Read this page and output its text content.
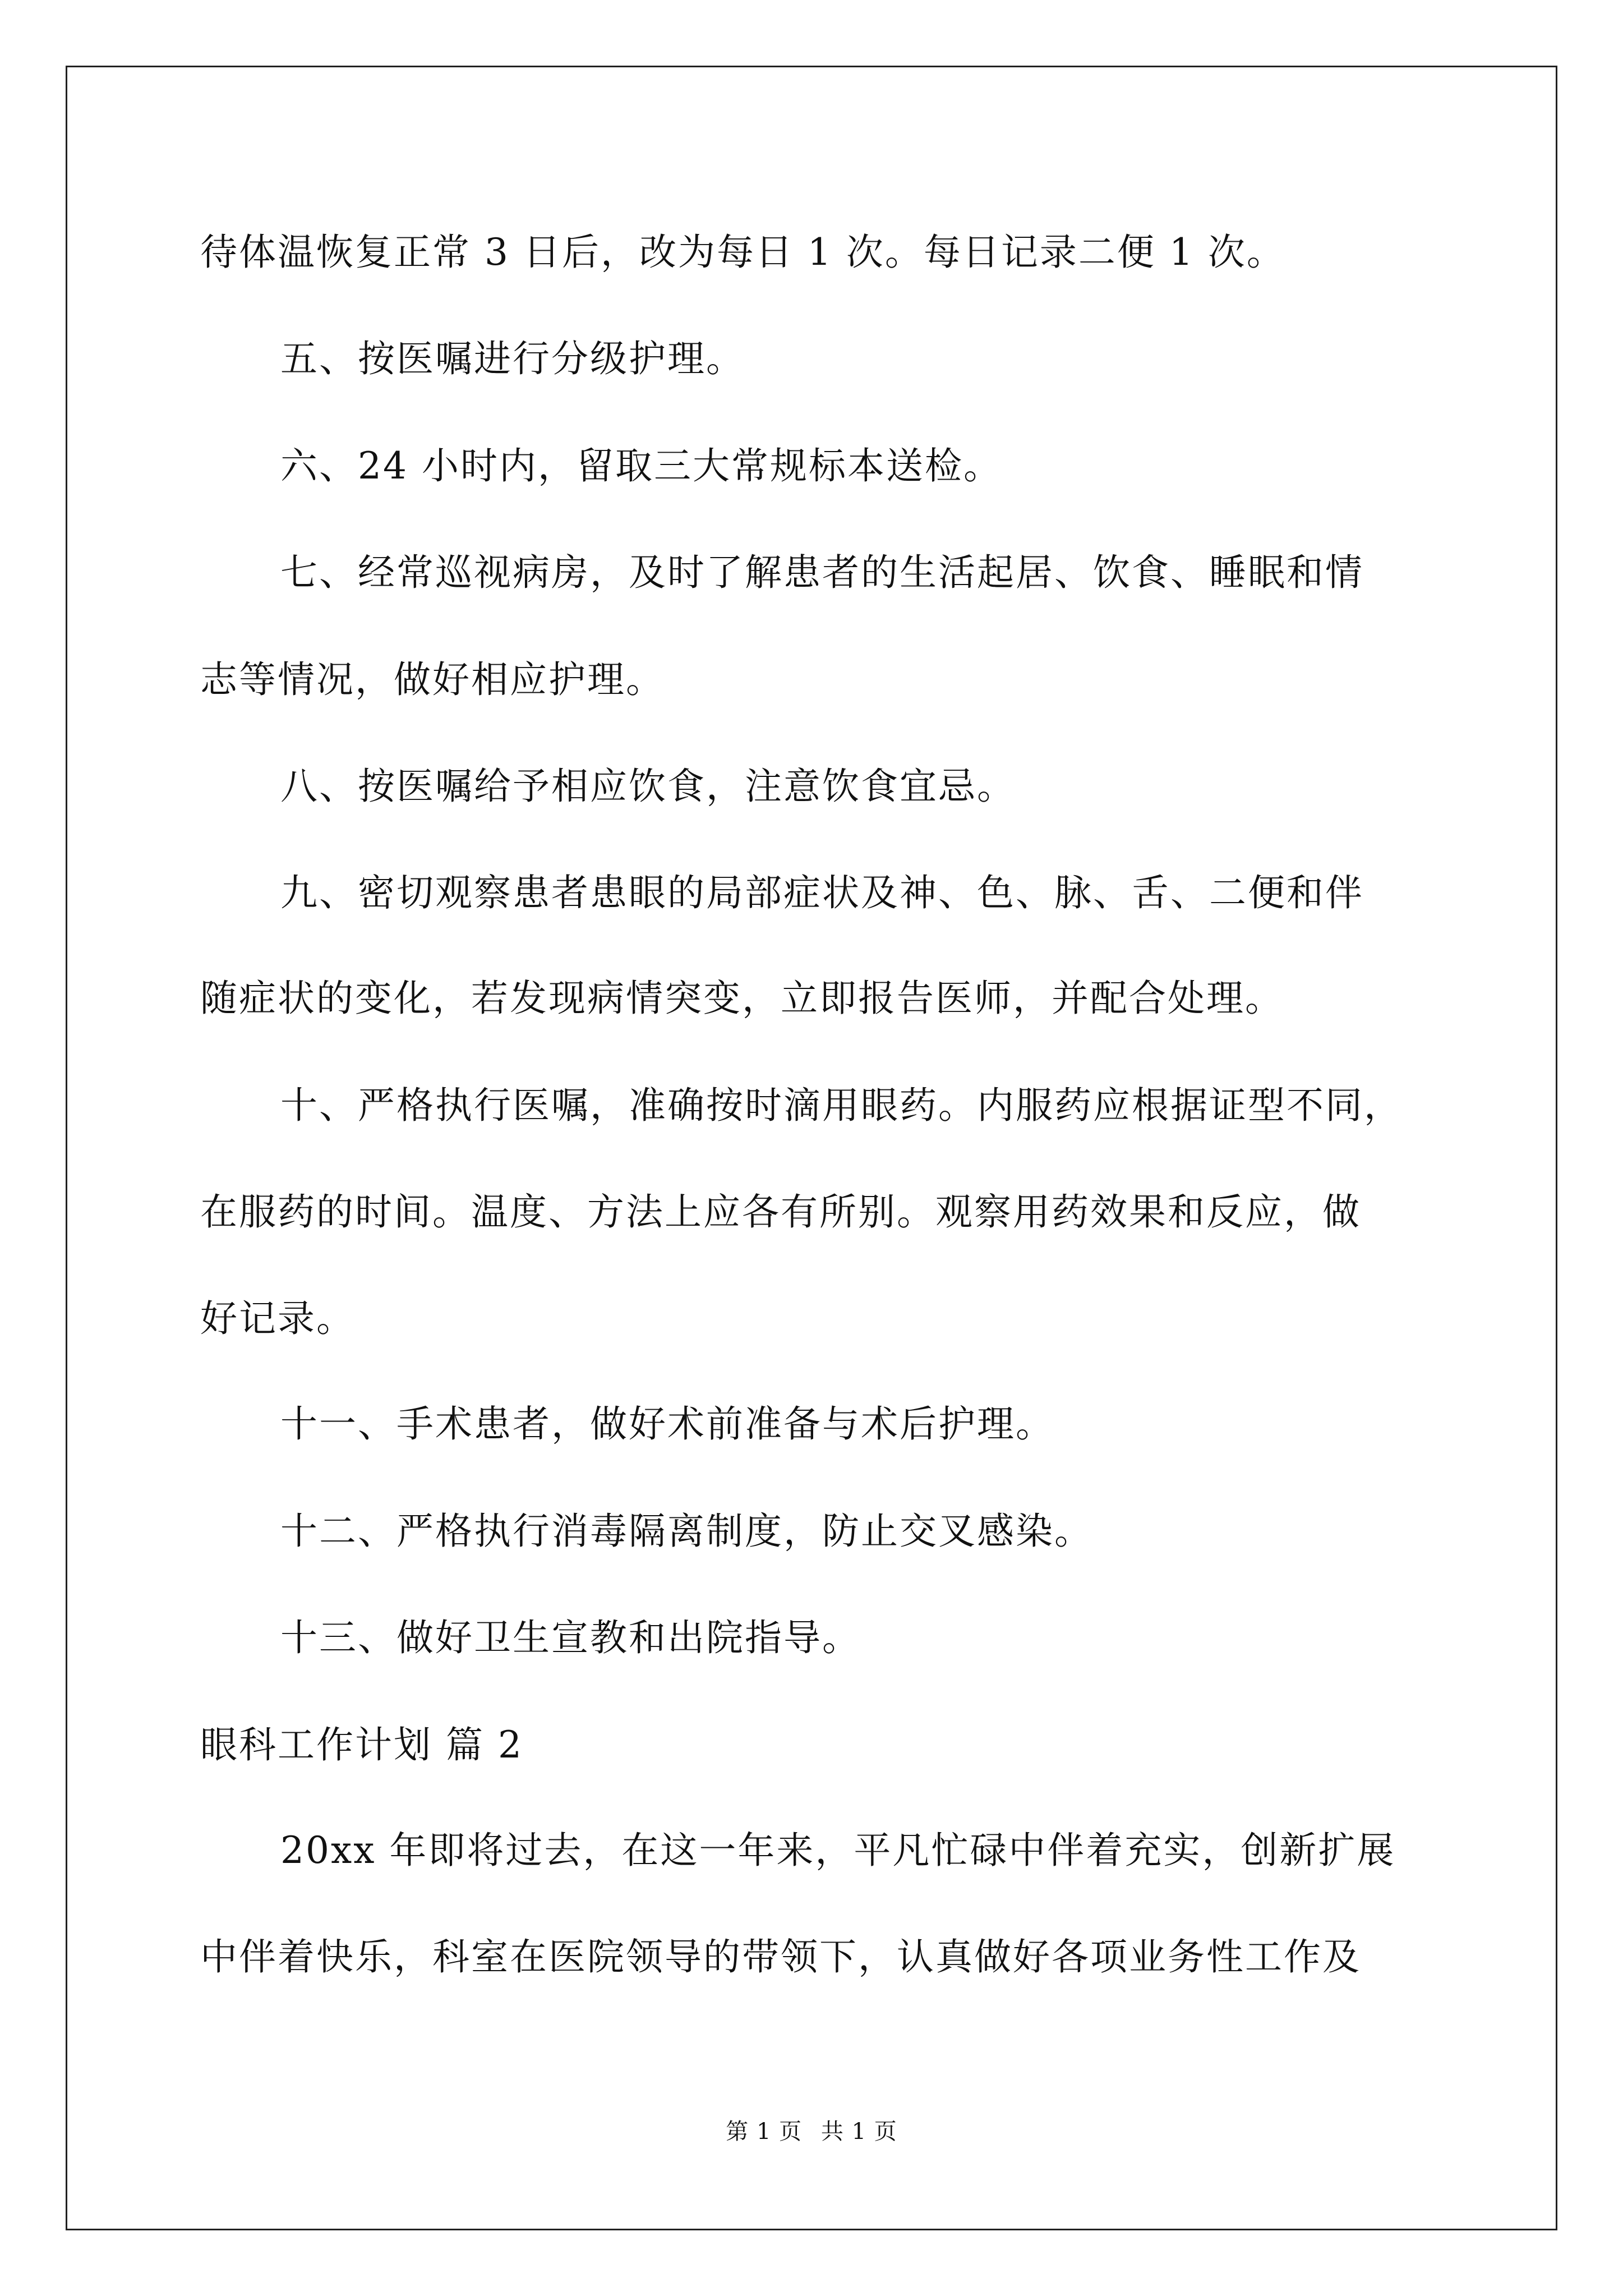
待体温恢复正常 3 日后，改为每日 1 次。每日记录二便 1 次。
五、按医嘱进行分级护理。
六、24 小时内，留取三大常规标本送检。
七、经常巡视病房，及时了解患者的生活起居、饮食、睡眠和情
志等情况，做好相应护理。
八、按医嘱给予相应饮食，注意饮食宜忌。
九、密切观察患者患眼的局部症状及神、色、脉、舌、二便和伴
随症状的变化，若发现病情突变，立即报告医师，并配合处理。
十、严格执行医嘱，准确按时滴用眼药。内服药应根据证型不同，
在服药的时间。温度、方法上应各有所别。观察用药效果和反应，做
好记录。
十一、手术患者，做好术前准备与术后护理。
十二、严格执行消毒隔离制度，防止交叉感染。
十三、做好卫生宣教和出院指导。
眼科工作计划 篇 2
20xx 年即将过去，在这一年来，平凡忙碌中伴着充实，创新扩展
中伴着快乐，科室在医院领导的带领下，认真做好各项业务性工作及
第 1 页 共 1 页
